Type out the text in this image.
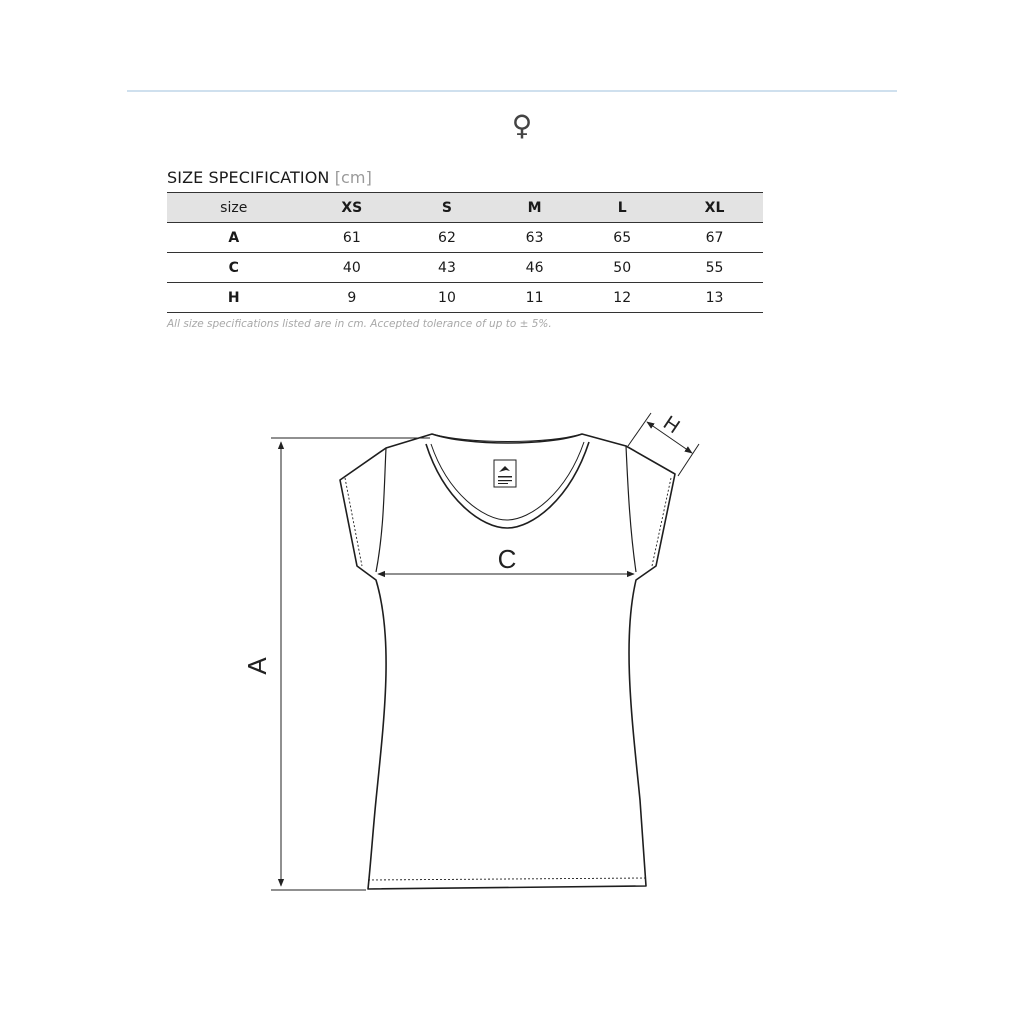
♀
SIZE SPECIFICATION [cm]
size	XS	S	M	L	XL
A	61	62	63	65	67
C	40	43	46	50	55
H	9	10	11	12	13
All size specifications listed are in cm. Accepted tolerance of up to ± 5%.
A
C
H
